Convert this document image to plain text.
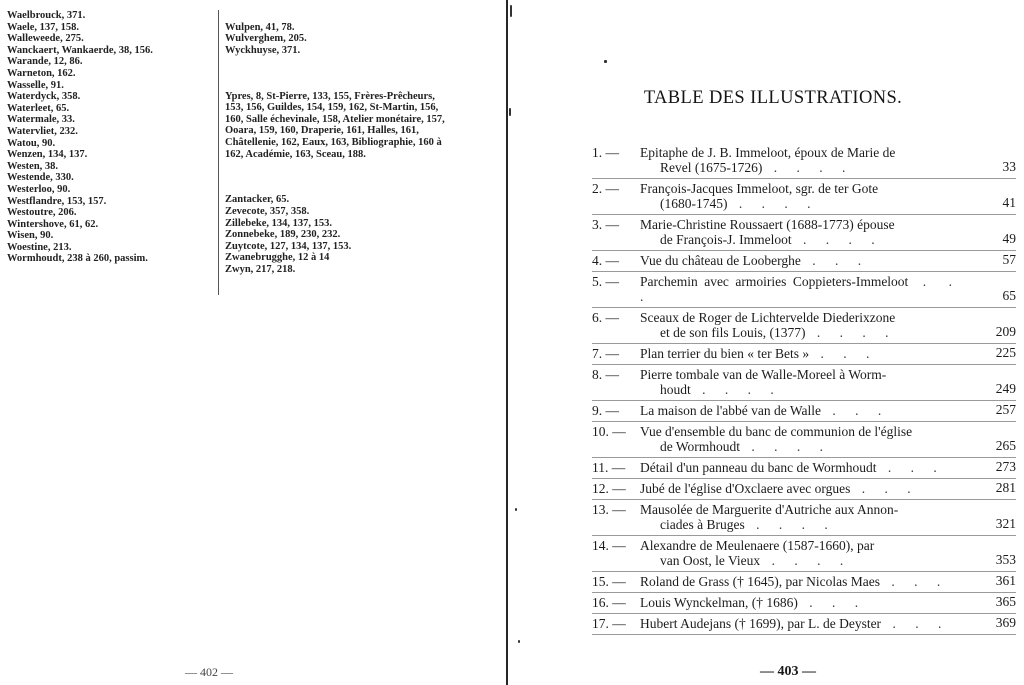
Waelbrouck, 371.
Waele, 137, 158.
Walleweede, 275.
Wanckaert, Wankaerde, 38, 156.
Warande, 12, 86.
Warneton, 162.
Wasselle, 91.
Waterdyck, 358.
Waterleet, 65.
Watermale, 33.
Watervliet, 232.
Watou, 90.
Wenzen, 134, 137.
Westen, 38.
Westende, 330.
Westerloo, 90.
Westflandre, 153, 157.
Westoutre, 206.
Wintershove, 61, 62.
Wisen, 90.
Woestine, 213.
Wormhoudt, 238 à 260, passim.

Wulpen, 41, 78.
Wulverghem, 205.
Wyckhuyse, 371.

Ypres, 8, St-Pierre, 133, 155, Frères-Prêcheurs, 153, 156, Guildes, 154, 159, 162, St-Martin, 156, 160, Salle échevinale, 158, Atelier monétaire, 157, Ooara, 159, 160, Draperie, 161, Halles, 161, Châtellenie, 162, Eaux, 163, Bibliographie, 160 à 162, Académie, 163, Sceau, 188.

Zantacker, 65.
Zevecote, 357, 358.
Zillebeke, 134, 137, 153.
Zonnebeke, 189, 230, 232.
Zuytcote, 127, 134, 137, 153.
Zwanebrugghe, 12 à 14
Zwyn, 217, 218.

— 402 —
TABLE DES ILLUSTRATIONS.
1. —	Epitaphe de J. B. Immeloot, époux de Marie de
Revel (1675-1726) . . . .	33
2. —	François-Jacques Immeloot, sgr. de ter Gote
(1680-1745) . . . .	41
3. —	Marie-Christine Roussaert (1688-1773) épouse
de François-J. Immeloot . . . .	49
4. —	Vue du château de Looberghe . . .	57
5. —	Parchemin avec armoiries Coppieters-Immeloot . . .	65
6. —	Sceaux de Roger de Lichtervelde Diederixzone
et de son fils Louis, (1377) . . . .	209
7. —	Plan terrier du bien « ter Bets » . . .	225
8. —	Pierre tombale van de Walle-Moreel à Worm-
houdt . . . .	249
9. —	La maison de l'abbé van de Walle . . .	257
10. —	Vue d'ensemble du banc de communion de l'église
de Wormhoudt . . . .	265
11. —	Détail d'un panneau du banc de Wormhoudt . . .	273
12. —	Jubé de l'église d'Oxclaere avec orgues . . .	281
13. —	Mausolée de Marguerite d'Autriche aux Annon-
ciades à Bruges . . . .	321
14. —	Alexandre de Meulenaere (1587-1660), par
van Oost, le Vieux . . . .	353
15. —	Roland de Grass († 1645), par Nicolas Maes . . .	361
16. —	Louis Wynckelman, († 1686) . . .	365
17. —	Hubert Audejans († 1699), par L. de Deyster . . .	369
— 403 —
